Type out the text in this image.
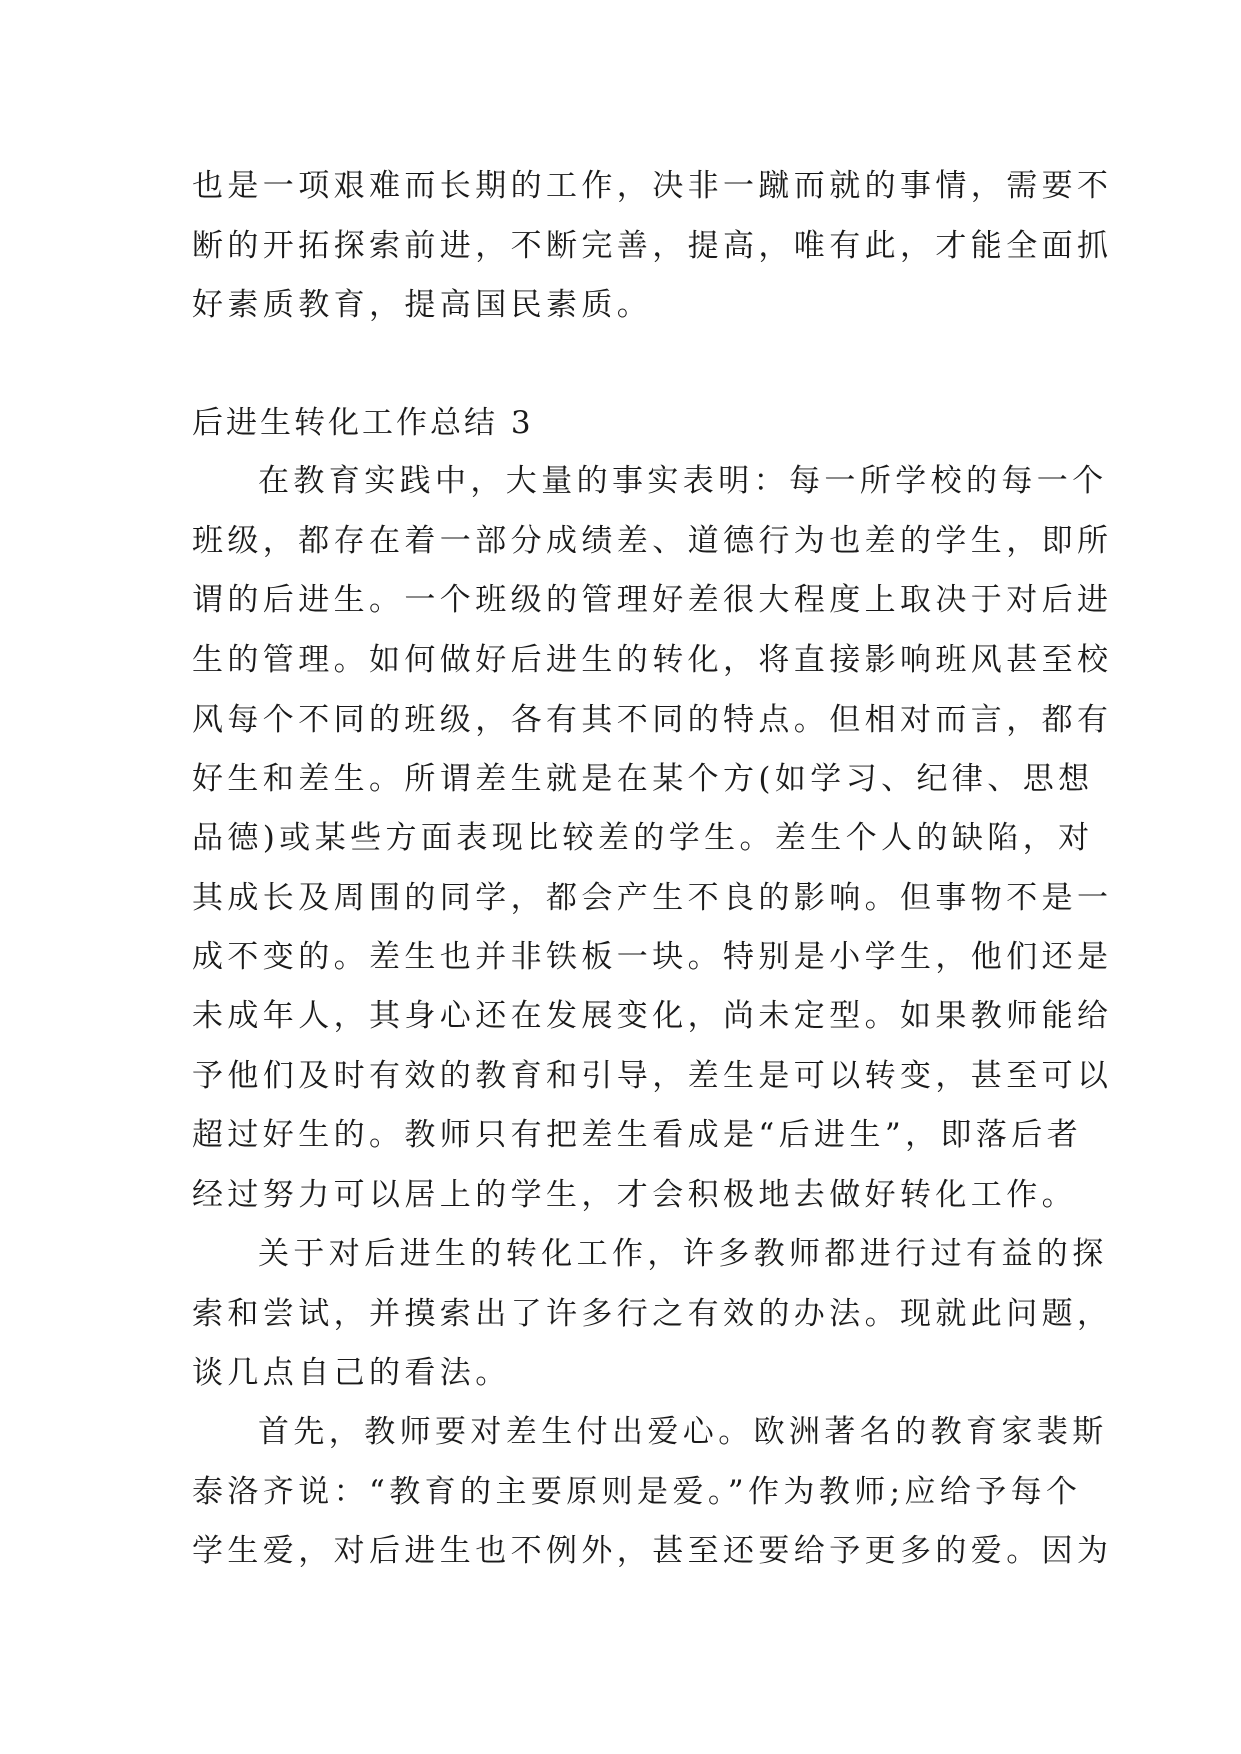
也是一项艰难而长期的工作，决非一蹴而就的事情，需要不
断的开拓探索前进，不断完善，提高，唯有此，才能全面抓
好素质教育，提高国民素质。
后进生转化工作总结 3
在教育实践中，大量的事实表明：每一所学校的每一个
班级，都存在着一部分成绩差、道德行为也差的学生，即所
谓的后进生。一个班级的管理好差很大程度上取决于对后进
生的管理。如何做好后进生的转化，将直接影响班风甚至校
风每个不同的班级，各有其不同的特点。但相对而言，都有
好生和差生。所谓差生就是在某个方(如学习、纪律、思想
品德)或某些方面表现比较差的学生。差生个人的缺陷，对
其成长及周围的同学，都会产生不良的影响。但事物不是一
成不变的。差生也并非铁板一块。特别是小学生，他们还是
未成年人，其身心还在发展变化，尚未定型。如果教师能给
予他们及时有效的教育和引导，差生是可以转变，甚至可以
超过好生的。教师只有把差生看成是“后进生”，即落后者
经过努力可以居上的学生，才会积极地去做好转化工作。
关于对后进生的转化工作，许多教师都进行过有益的探
索和尝试，并摸索出了许多行之有效的办法。现就此问题，
谈几点自己的看法。
首先，教师要对差生付出爱心。欧洲著名的教育家裴斯
泰洛齐说：“教育的主要原则是爱。”作为教师;应给予每个
学生爱，对后进生也不例外，甚至还要给予更多的爱。因为
